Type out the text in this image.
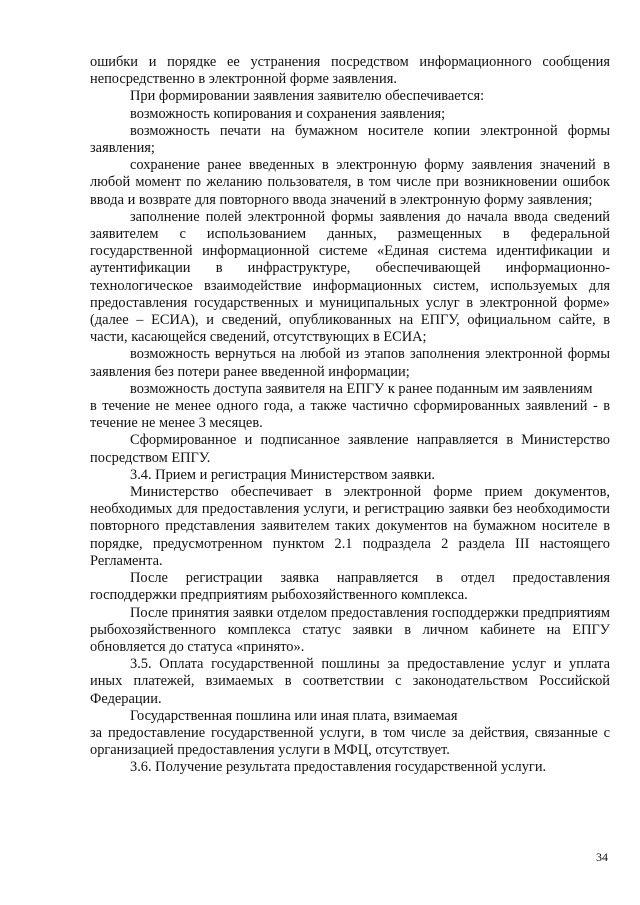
ошибки и порядке ее устранения посредством информационного сообщения непосредственно в электронной форме заявления.

При формировании заявления заявителю обеспечивается:

возможность копирования и сохранения заявления;

возможность печати на бумажном носителе копии электронной формы заявления;

сохранение ранее введенных в электронную форму заявления значений в любой момент по желанию пользователя, в том числе при возникновении ошибок ввода и возврате для повторного ввода значений в электронную форму заявления;

заполнение полей электронной формы заявления до начала ввода сведений заявителем с использованием данных, размещенных в федеральной государственной информационной системе «Единая система идентификации и аутентификации в инфраструктуре, обеспечивающей информационно-технологическое взаимодействие информационных систем, используемых для предоставления государственных и муниципальных услуг в электронной форме» (далее – ЕСИА), и сведений, опубликованных на ЕПГУ, официальном сайте, в части, касающейся сведений, отсутствующих в ЕСИА;

возможность вернуться на любой из этапов заполнения электронной формы заявления без потери ранее введенной информации;

возможность доступа заявителя на ЕПГУ к ранее поданным им заявлениям

в течение не менее одного года, а также частично сформированных заявлений - в течение не менее 3 месяцев.

Сформированное и подписанное заявление направляется в Министерство посредством ЕПГУ.

3.4. Прием и регистрация Министерством заявки.

Министерство обеспечивает в электронной форме прием документов, необходимых для предоставления услуги, и регистрацию заявки без необходимости повторного представления заявителем таких документов на бумажном носителе в порядке, предусмотренном пунктом 2.1 подраздела 2 раздела III настоящего Регламента.

После регистрации заявка направляется в отдел предоставления господдержки предприятиям рыбохозяйственного комплекса.

После принятия заявки отделом предоставления господдержки предприятиям рыбохозяйственного комплекса статус заявки в личном кабинете на ЕПГУ обновляется до статуса «принято».

3.5. Оплата государственной пошлины за предоставление услуг и уплата иных платежей, взимаемых в соответствии с законодательством Российской Федерации.

Государственная пошлина или иная плата, взимаемая

за предоставление государственной услуги, в том числе за действия, связанные с организацией предоставления услуги в МФЦ, отсутствует.

3.6. Получение результата предоставления государственной услуги.

34
